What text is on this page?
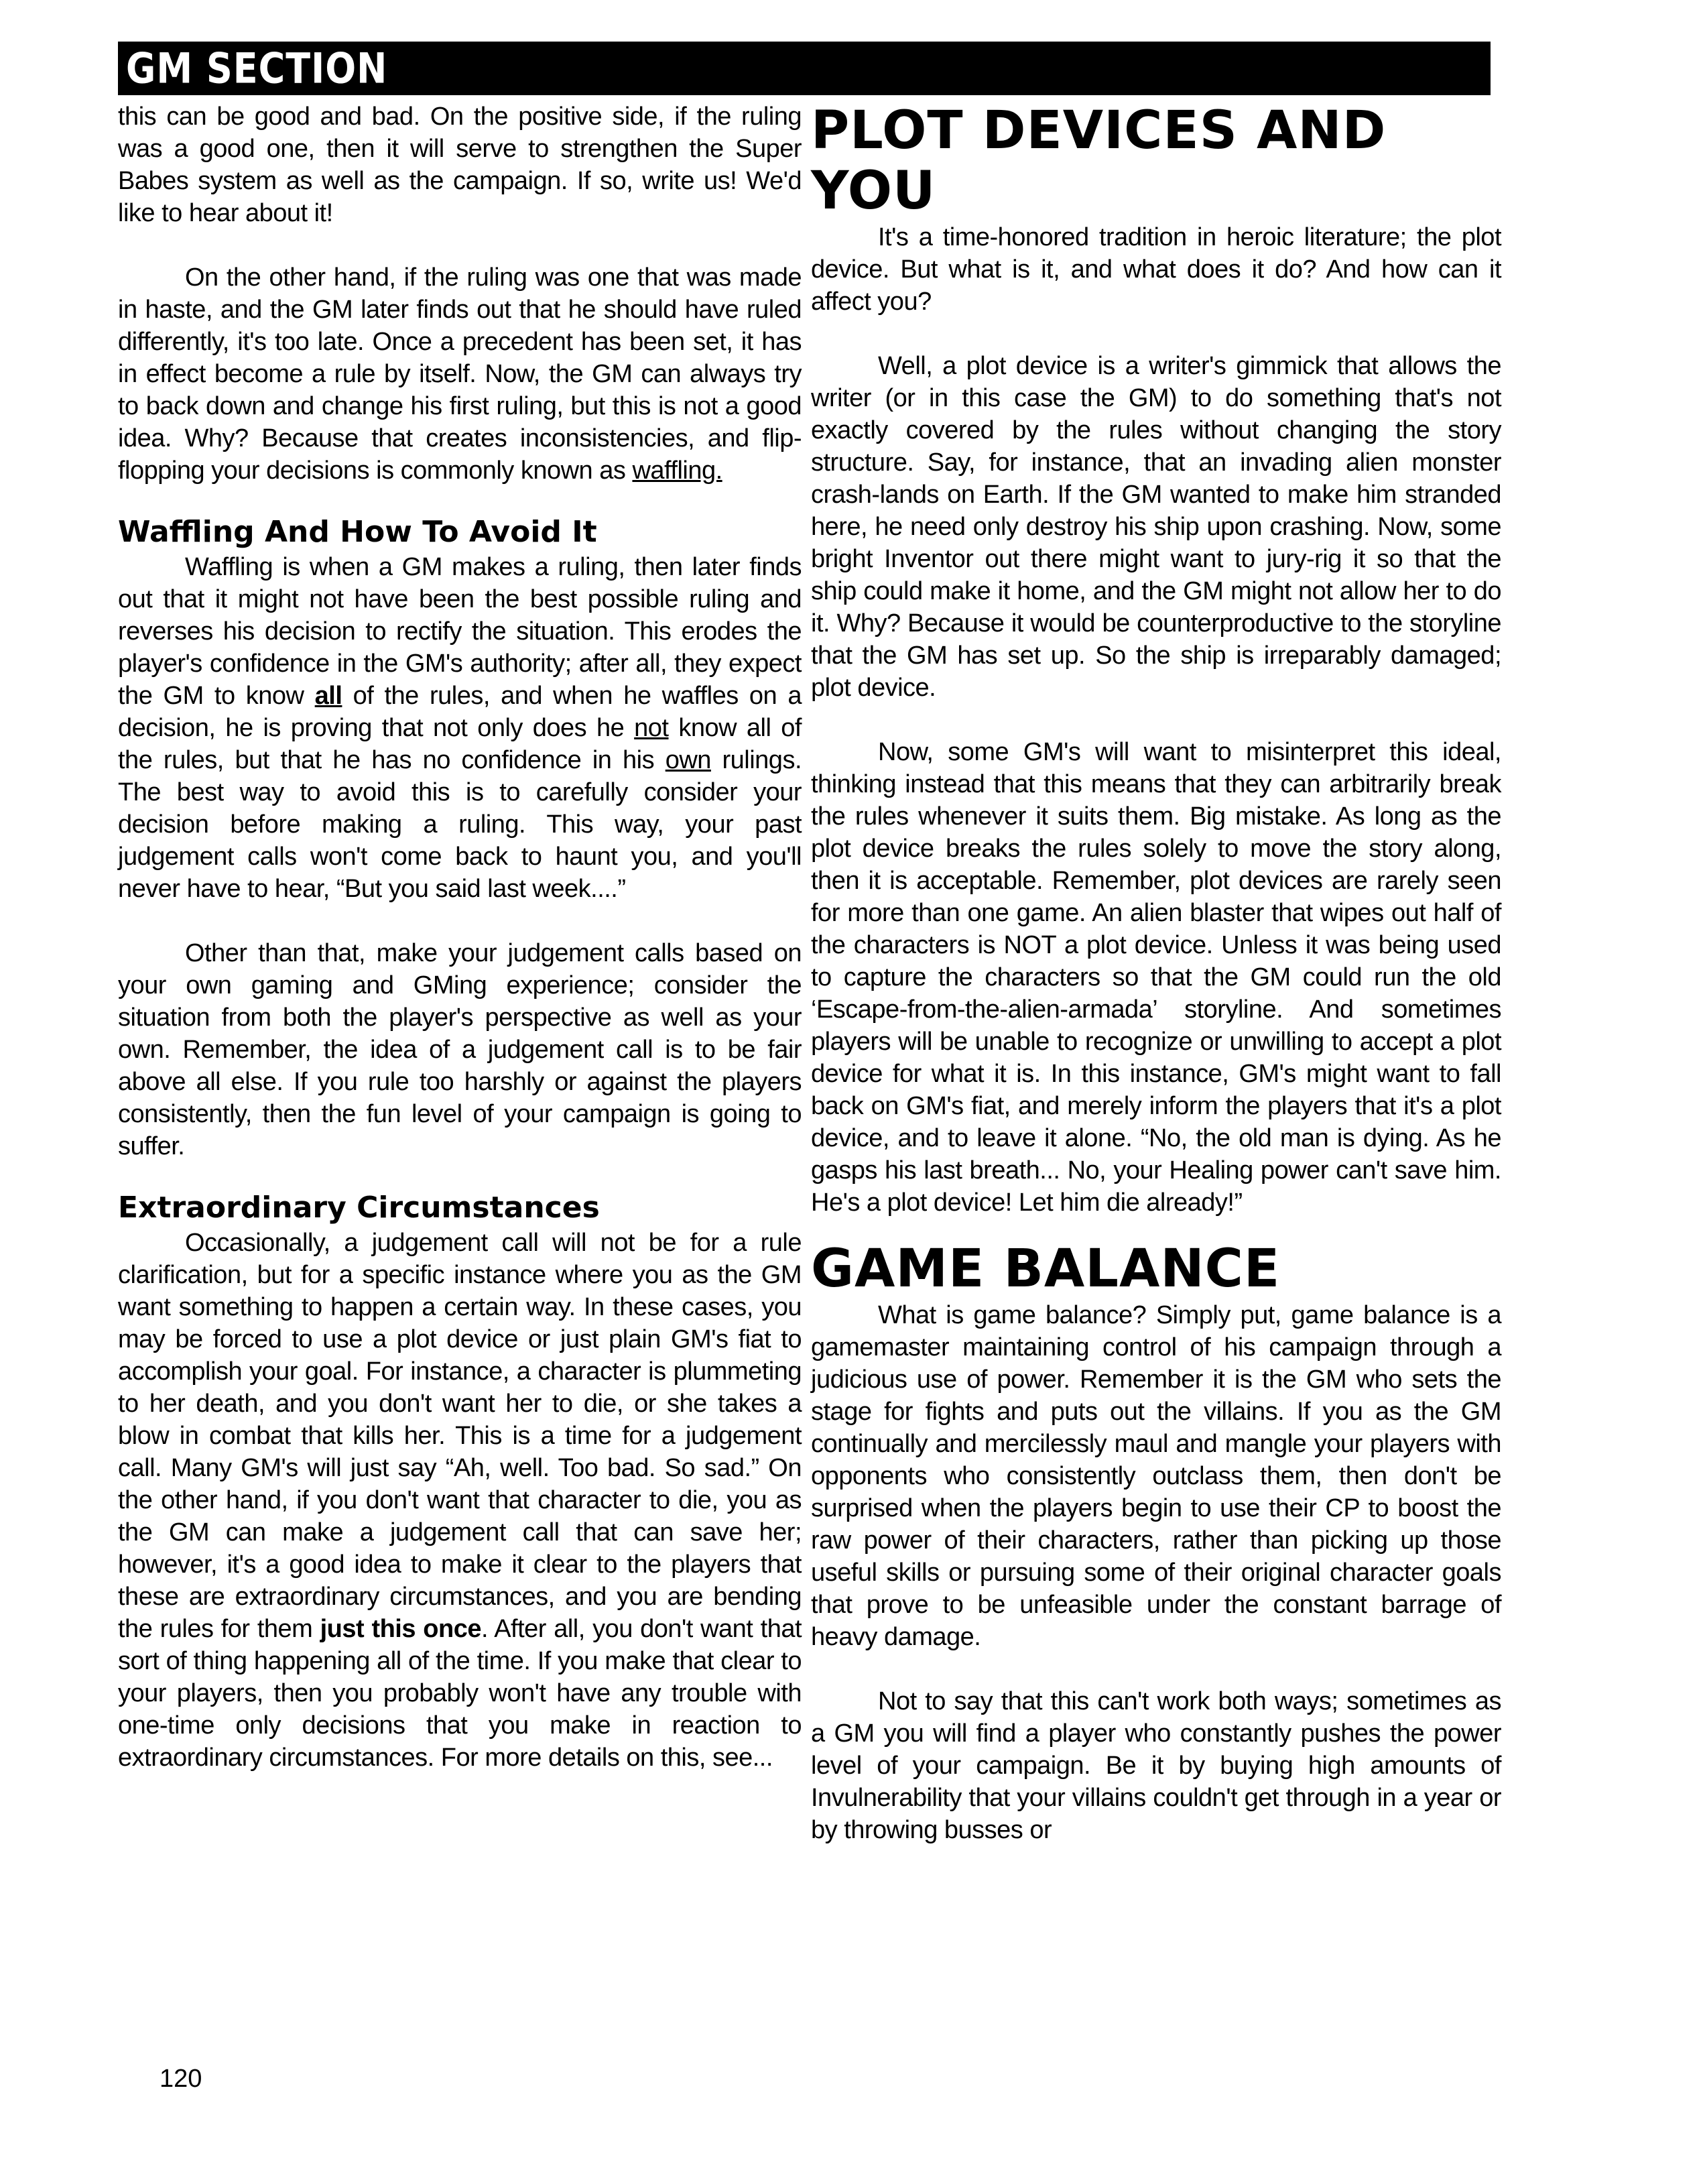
GM SECTION

this can be good and bad. On the positive side, if the ruling was a good one, then it will serve to strengthen the Super Babes system as well as the campaign. If so, write us! We'd like to hear about it!

On the other hand, if the ruling was one that was made in haste, and the GM later finds out that he should have ruled differently, it's too late. Once a precedent has been set, it has in effect become a rule by itself. Now, the GM can always try to back down and change his first ruling, but this is not a good idea. Why? Because that creates inconsistencies, and flip-flopping your decisions is commonly known as waffling.

Waffling And How To Avoid It

Waffling is when a GM makes a ruling, then later finds out that it might not have been the best possible ruling and reverses his decision to rectify the situation. This erodes the player's confidence in the GM's authority; after all, they expect the GM to know all of the rules, and when he waffles on a decision, he is proving that not only does he not know all of the rules, but that he has no confidence in his own rulings. The best way to avoid this is to carefully consider your decision before making a ruling. This way, your past judgement calls won't come back to haunt you, and you'll never have to hear, “But you said last week....”

Other than that, make your judgement calls based on your own gaming and GMing experience; consider the situation from both the player's perspective as well as your own. Remember, the idea of a judgement call is to be fair above all else. If you rule too harshly or against the players consistently, then the fun level of your campaign is going to suffer.

Extraordinary Circumstances

Occasionally, a judgement call will not be for a rule clarification, but for a specific instance where you as the GM want something to happen a certain way. In these cases, you may be forced to use a plot device or just plain GM's fiat to accomplish your goal. For instance, a character is plummeting to her death, and you don't want her to die, or she takes a blow in combat that kills her. This is a time for a judgement call. Many GM's will just say “Ah, well. Too bad. So sad.” On the other hand, if you don't want that character to die, you as the GM can make a judgement call that can save her; however, it's a good idea to make it clear to the players that these are extraordinary circumstances, and you are bending the rules for them just this once. After all, you don't want that sort of thing happening all of the time. If you make that clear to your players, then you probably won't have any trouble with one-time only decisions that you make in reaction to extraordinary circumstances. For more details on this, see...

PLOT DEVICES AND YOU

It's a time-honored tradition in heroic literature; the plot device. But what is it, and what does it do? And how can it affect you?

Well, a plot device is a writer's gimmick that allows the writer (or in this case the GM) to do something that's not exactly covered by the rules without changing the story structure. Say, for instance, that an invading alien monster crash-lands on Earth. If the GM wanted to make him stranded here, he need only destroy his ship upon crashing. Now, some bright Inventor out there might want to jury-rig it so that the ship could make it home, and the GM might not allow her to do it. Why? Because it would be counterproductive to the storyline that the GM has set up. So the ship is irreparably damaged; plot device.

Now, some GM's will want to misinterpret this ideal, thinking instead that this means that they can arbitrarily break the rules whenever it suits them. Big mistake. As long as the plot device breaks the rules solely to move the story along, then it is acceptable. Remember, plot devices are rarely seen for more than one game. An alien blaster that wipes out half of the characters is NOT a plot device. Unless it was being used to capture the characters so that the GM could run the old ‘Escape-from-the-alien-armada’ storyline. And sometimes players will be unable to recognize or unwilling to accept a plot device for what it is. In this instance, GM's might want to fall back on GM's fiat, and merely inform the players that it's a plot device, and to leave it alone. “No, the old man is dying. As he gasps his last breath... No, your Healing power can't save him. He's a plot device! Let him die already!”

GAME BALANCE

What is game balance? Simply put, game balance is a gamemaster maintaining control of his campaign through a judicious use of power. Remember it is the GM who sets the stage for fights and puts out the villains. If you as the GM continually and mercilessly maul and mangle your players with opponents who consistently outclass them, then don't be surprised when the players begin to use their CP to boost the raw power of their characters, rather than picking up those useful skills or pursuing some of their original character goals that prove to be unfeasible under the constant barrage of heavy damage.

Not to say that this can't work both ways; sometimes as a GM you will find a player who constantly pushes the power level of your campaign. Be it by buying high amounts of Invulnerability that your villains couldn't get through in a year or by throwing busses or

120
